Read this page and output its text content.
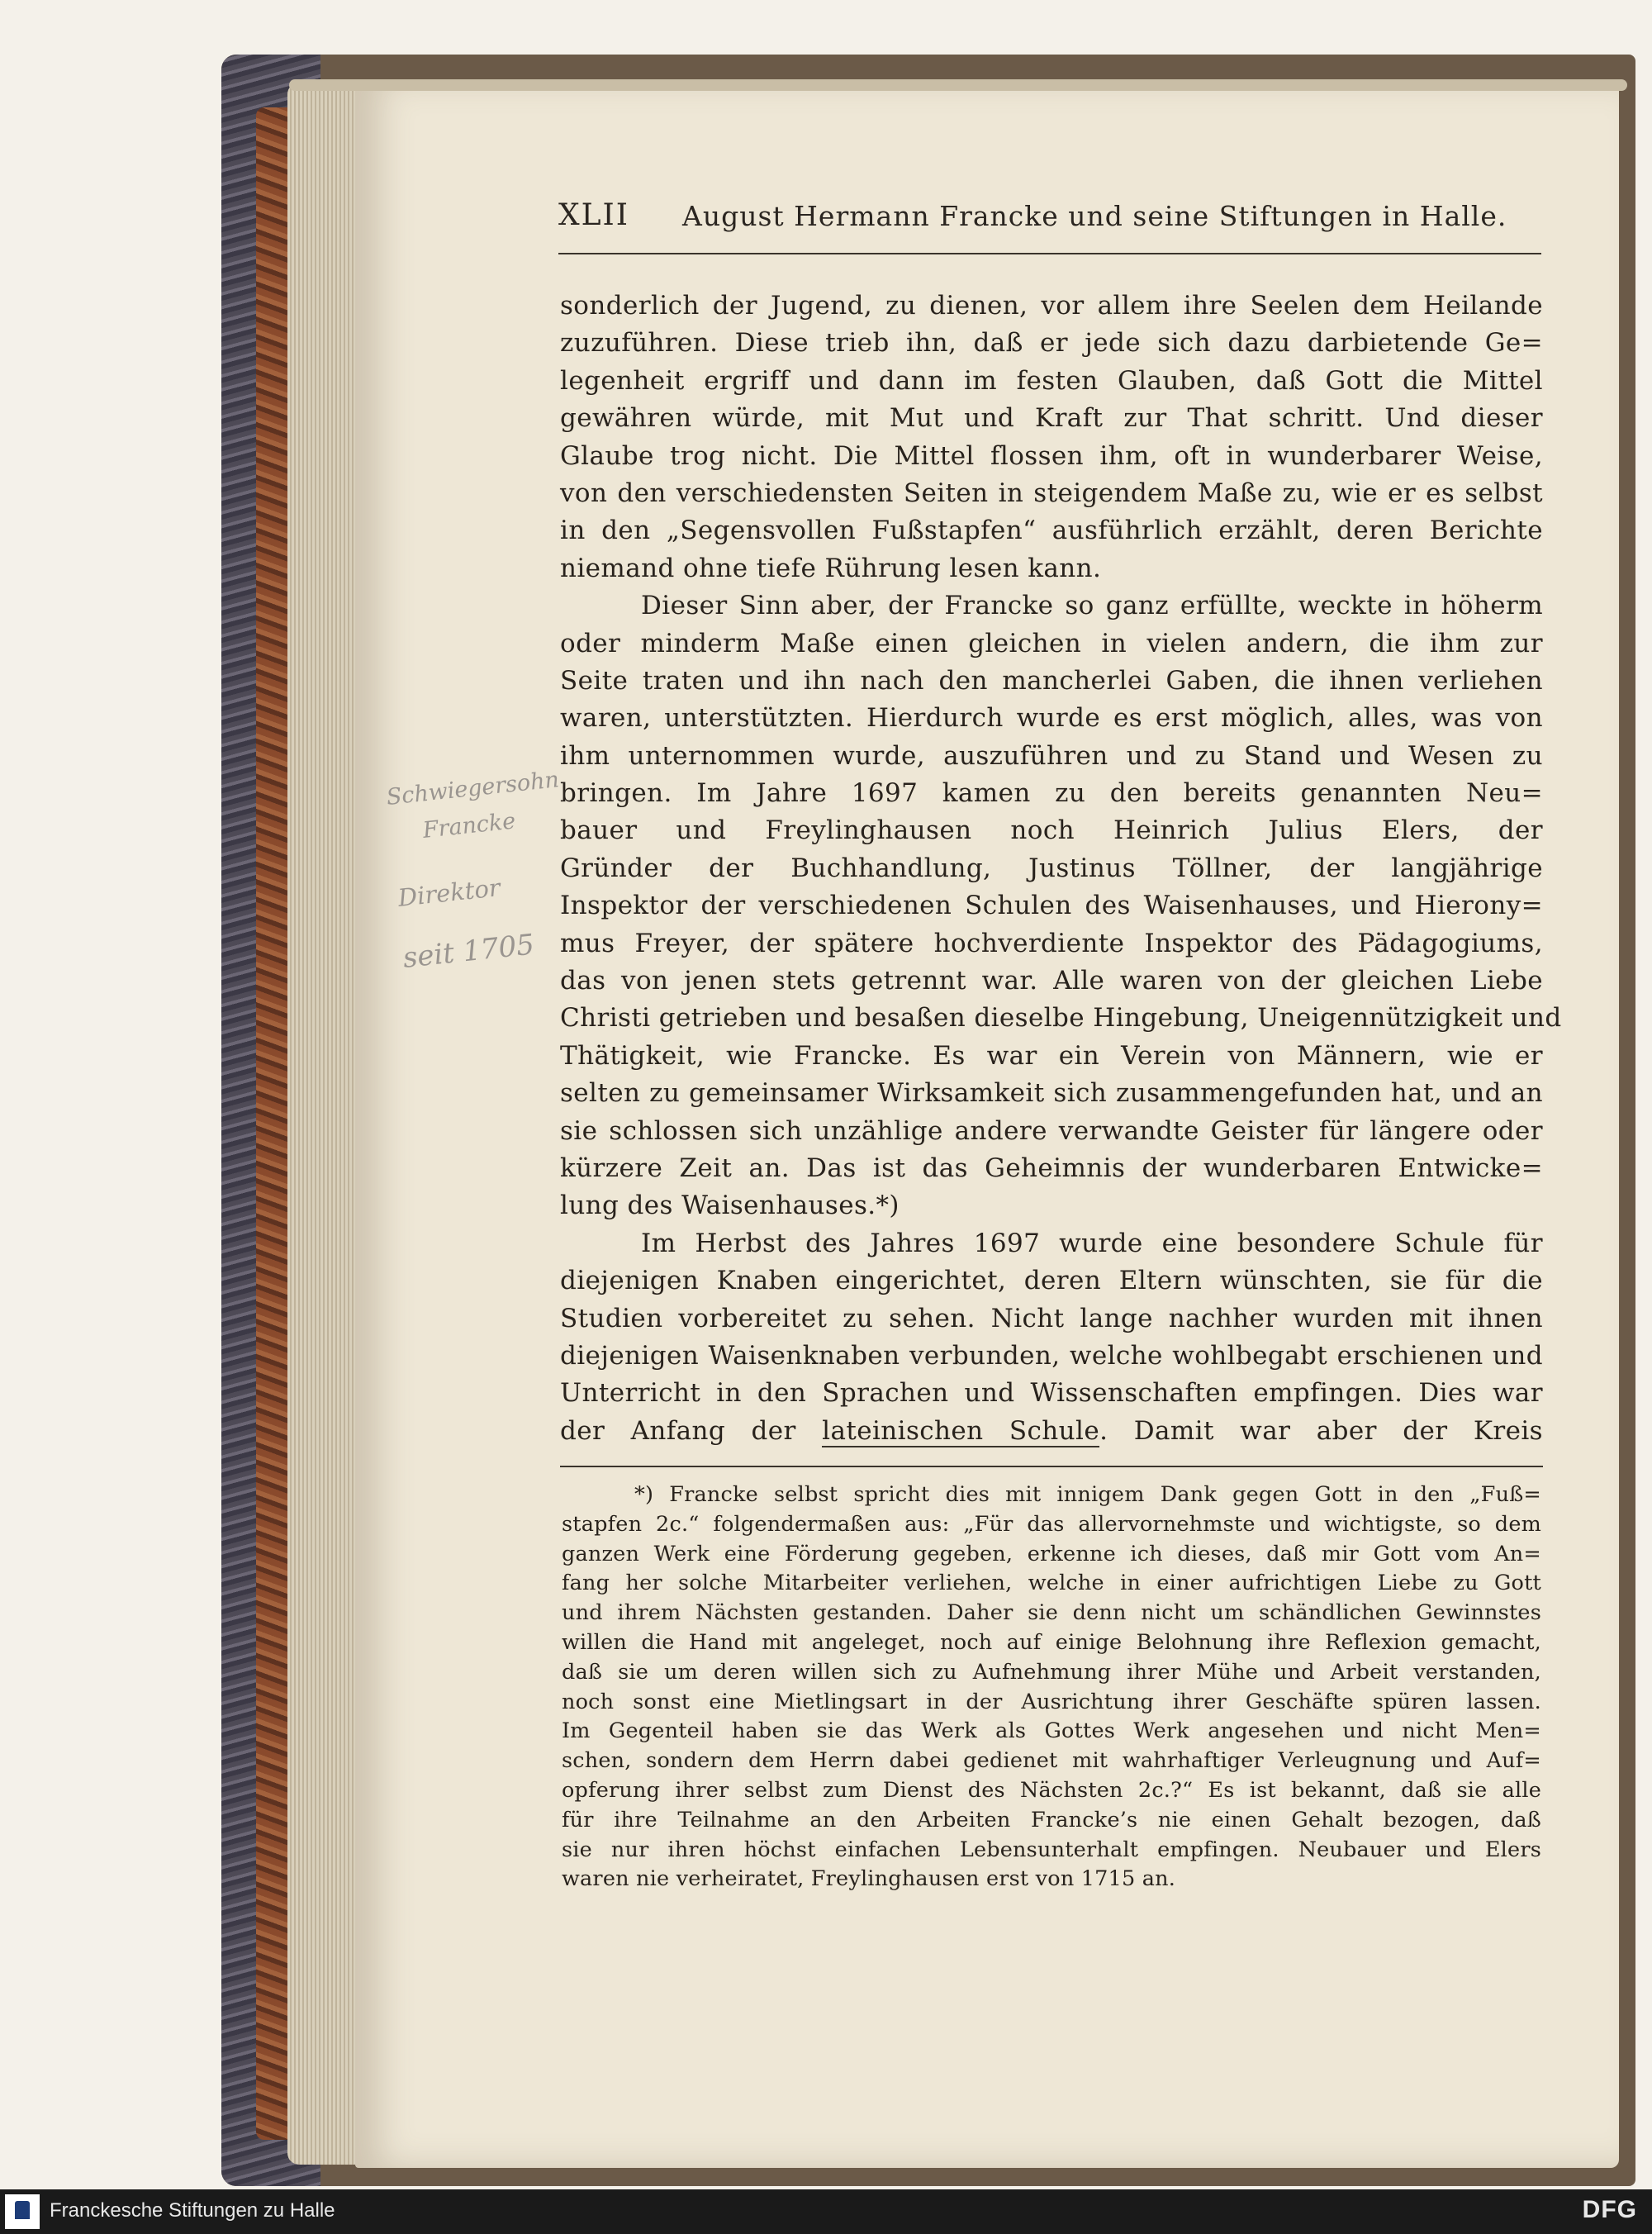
XLII August Hermann Francke und seine Stiftungen in Halle.
sonderlich der Jugend, zu dienen, vor allem ihre Seelen dem Heilande
zuzuführen. Diese trieb ihn, daß er jede sich dazu darbietende Ge=
legenheit ergriff und dann im festen Glauben, daß Gott die Mittel
gewähren würde, mit Mut und Kraft zur That schritt. Und dieser
Glaube trog nicht. Die Mittel flossen ihm, oft in wunderbarer Weise,
von den verschiedensten Seiten in steigendem Maße zu, wie er es selbst
in den „Segensvollen Fußstapfen“ ausführlich erzählt, deren Berichte
niemand ohne tiefe Rührung lesen kann.
Dieser Sinn aber, der Francke so ganz erfüllte, weckte in höherm
oder minderm Maße einen gleichen in vielen andern, die ihm zur
Seite traten und ihn nach den mancherlei Gaben, die ihnen verliehen
waren, unterstützten. Hierdurch wurde es erst möglich, alles, was von
ihm unternommen wurde, auszuführen und zu Stand und Wesen zu
bringen. Im Jahre 1697 kamen zu den bereits genannten Neu=
bauer und Freylinghausen noch Heinrich Julius Elers, der
Gründer der Buchhandlung, Justinus Töllner, der langjährige
Inspektor der verschiedenen Schulen des Waisenhauses, und Hierony=
mus Freyer, der spätere hochverdiente Inspektor des Pädagogiums,
das von jenen stets getrennt war. Alle waren von der gleichen Liebe
Christi getrieben und besaßen dieselbe Hingebung, Uneigennützigkeit und
Thätigkeit, wie Francke. Es war ein Verein von Männern, wie er
selten zu gemeinsamer Wirksamkeit sich zusammengefunden hat, und an
sie schlossen sich unzählige andere verwandte Geister für längere oder
kürzere Zeit an. Das ist das Geheimnis der wunderbaren Entwicke=
lung des Waisenhauses.*)
Im Herbst des Jahres 1697 wurde eine besondere Schule für
diejenigen Knaben eingerichtet, deren Eltern wünschten, sie für die
Studien vorbereitet zu sehen. Nicht lange nachher wurden mit ihnen
diejenigen Waisenknaben verbunden, welche wohlbegabt erschienen und
Unterricht in den Sprachen und Wissenschaften empfingen. Dies war
der Anfang der lateinischen Schule. Damit war aber der Kreis
*) Francke selbst spricht dies mit innigem Dank gegen Gott in den „Fuß=
stapfen 2c.“ folgendermaßen aus: „Für das allervornehmste und wichtigste, so dem
ganzen Werk eine Förderung gegeben, erkenne ich dieses, daß mir Gott vom An=
fang her solche Mitarbeiter verliehen, welche in einer aufrichtigen Liebe zu Gott
und ihrem Nächsten gestanden. Daher sie denn nicht um schändlichen Gewinnstes
willen die Hand mit angeleget, noch auf einige Belohnung ihre Reflexion gemacht,
daß sie um deren willen sich zu Aufnehmung ihrer Mühe und Arbeit verstanden,
noch sonst eine Mietlingsart in der Ausrichtung ihrer Geschäfte spüren lassen.
Im Gegenteil haben sie das Werk als Gottes Werk angesehen und nicht Men=
schen, sondern dem Herrn dabei gedienet mit wahrhaftiger Verleugnung und Auf=
opferung ihrer selbst zum Dienst des Nächsten 2c.?“ Es ist bekannt, daß sie alle
für ihre Teilnahme an den Arbeiten Francke’s nie einen Gehalt bezogen, daß
sie nur ihren höchst einfachen Lebensunterhalt empfingen. Neubauer und Elers
waren nie verheiratet, Freylinghausen erst von 1715 an.
Schwiegersohn
Francke
Direktor
seit 1705
Franckesche Stiftungen zu Halle	DFG
